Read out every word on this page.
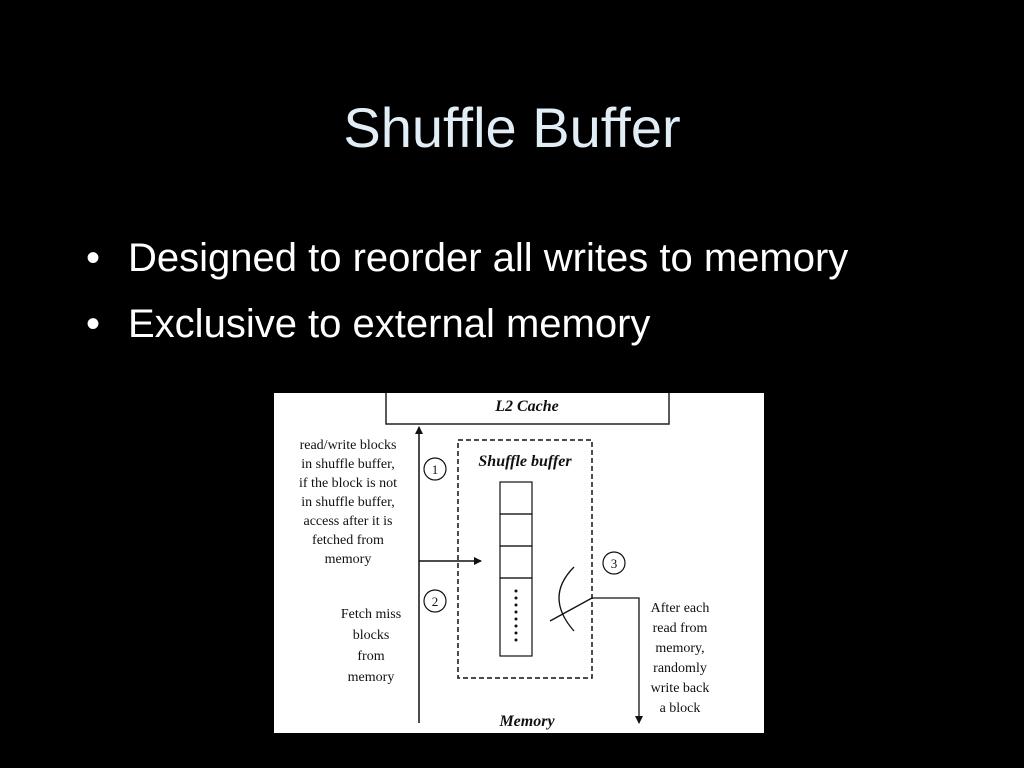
Shuffle Buffer
• Designed to reorder all writes to memory
• Exclusive to external memory
L2 Cache
Shuffle buffer
1
2
3
read/write blocks
in shuffle buffer,
if the block is not
in shuffle buffer,
access after it is
fetched from
memory
Fetch miss
blocks
from
memory
After each
read from
memory,
randomly
write back
a block
Memory
